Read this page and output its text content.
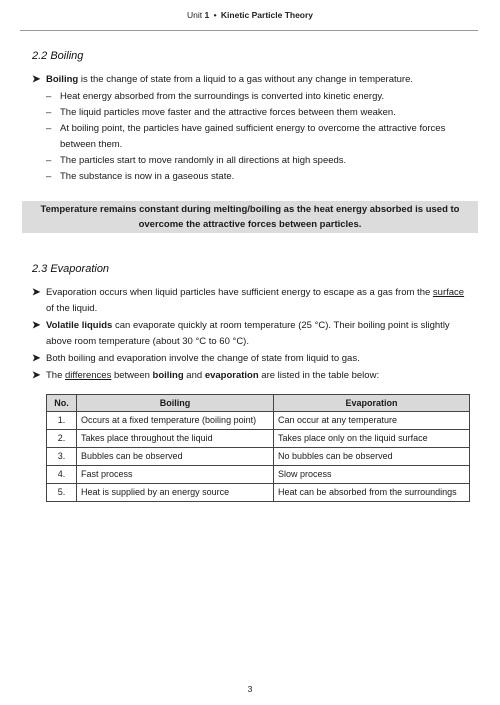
Unit 1 • Kinetic Particle Theory
2.2 Boiling
➤ Boiling is the change of state from a liquid to a gas without any change in temperature.
– Heat energy absorbed from the surroundings is converted into kinetic energy.
– The liquid particles move faster and the attractive forces between them weaken.
– At boiling point, the particles have gained sufficient energy to overcome the attractive forces between them.
– The particles start to move randomly in all directions at high speeds.
– The substance is now in a gaseous state.
Temperature remains constant during melting/boiling as the heat energy absorbed is used to overcome the attractive forces between particles.
2.3 Evaporation
➤ Evaporation occurs when liquid particles have sufficient energy to escape as a gas from the surface of the liquid.
➤ Volatile liquids can evaporate quickly at room temperature (25 °C). Their boiling point is slightly above room temperature (about 30 °C to 60 °C).
➤ Both boiling and evaporation involve the change of state from liquid to gas.
➤ The differences between boiling and evaporation are listed in the table below:
No.	Boiling	Evaporation
1.	Occurs at a fixed temperature (boiling point)	Can occur at any temperature
2.	Takes place throughout the liquid	Takes place only on the liquid surface
3.	Bubbles can be observed	No bubbles can be observed
4.	Fast process	Slow process
5.	Heat is supplied by an energy source	Heat can be absorbed from the surroundings
3
